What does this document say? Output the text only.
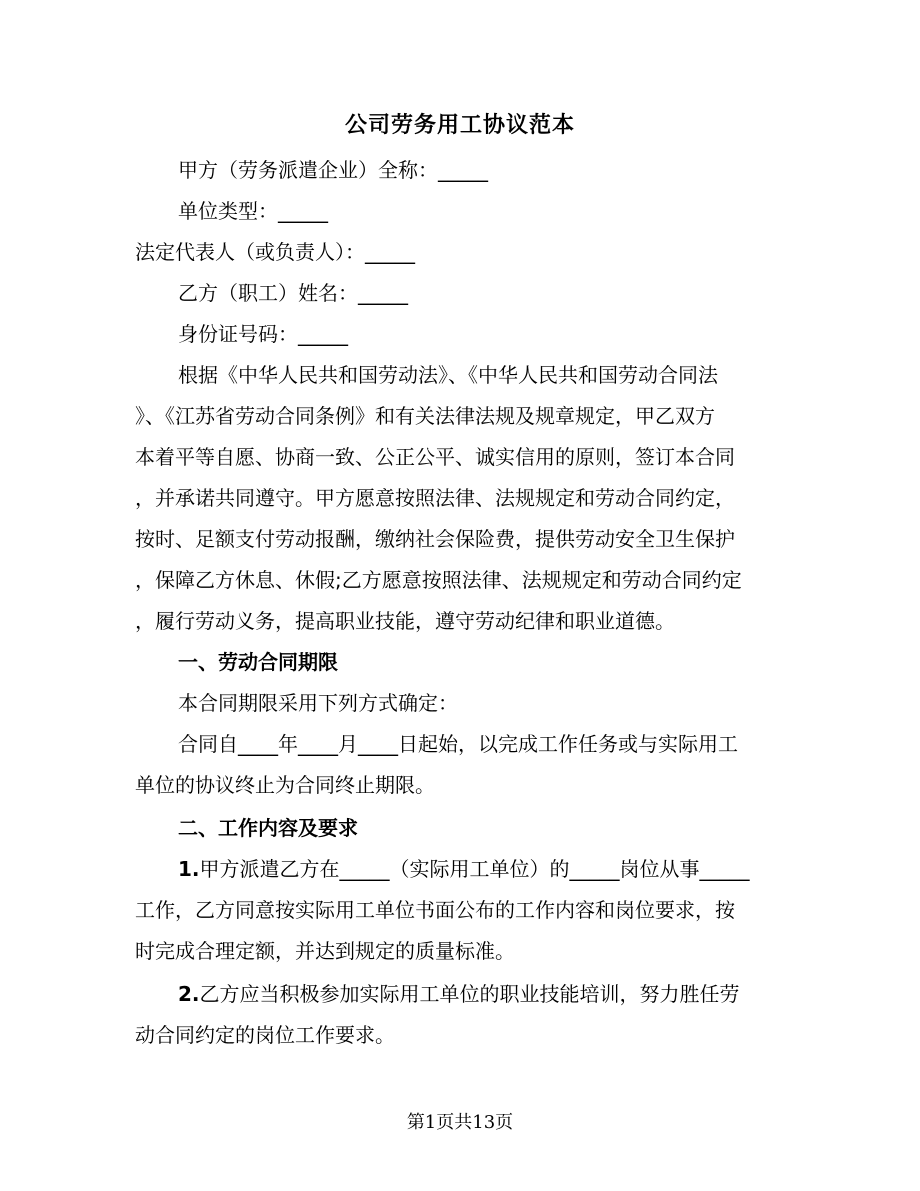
公司劳务用工协议范本
甲方（劳务派遣企业）全称：_____
单位类型：_____
法定代表人（或负责人）：_____
乙方（职工）姓名：_____
身份证号码：_____
根据《中华人民共和国劳动法》、《中华人民共和国劳动合同法
》、《江苏省劳动合同条例》和有关法律法规及规章规定，甲乙双方
本着平等自愿、协商一致、公正公平、诚实信用的原则，签订本合同
，并承诺共同遵守。甲方愿意按照法律、法规规定和劳动合同约定，
按时、足额支付劳动报酬，缴纳社会保险费，提供劳动安全卫生保护
，保障乙方休息、休假;乙方愿意按照法律、法规规定和劳动合同约定
，履行劳动义务，提高职业技能，遵守劳动纪律和职业道德。
一、劳动合同期限
本合同期限采用下列方式确定：
合同自____年____月____日起始，以完成工作任务或与实际用工
单位的协议终止为合同终止期限。
二、工作内容及要求
1.甲方派遣乙方在_____（实际用工单位）的_____岗位从事_____
工作，乙方同意按实际用工单位书面公布的工作内容和岗位要求，按
时完成合理定额，并达到规定的质量标准。
2.乙方应当积极参加实际用工单位的职业技能培训，努力胜任劳
动合同约定的岗位工作要求。
第1页共13页
